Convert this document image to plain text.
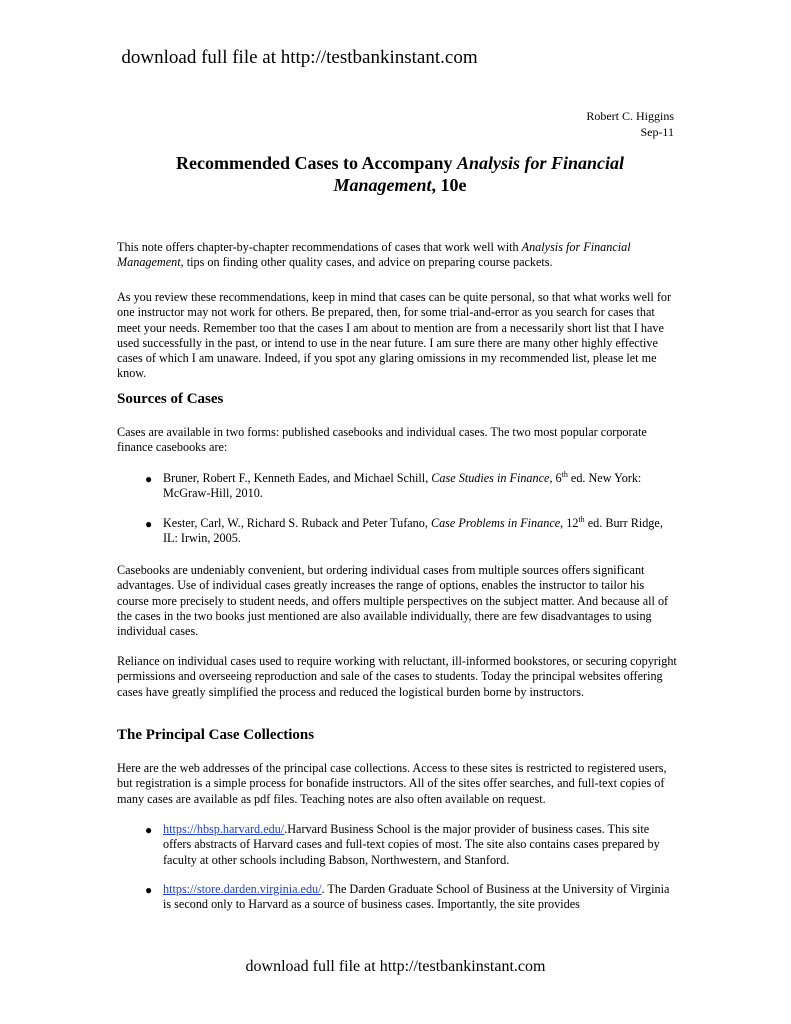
download full file at http://testbankinstant.com
Robert C. Higgins
Sep-11
Recommended Cases to Accompany Analysis for Financial Management, 10e

This note offers chapter-by-chapter recommendations of cases that work well with Analysis for Financial Management, tips on finding other quality cases, and advice on preparing course packets.

As you review these recommendations, keep in mind that cases can be quite personal, so that what works well for one instructor may not work for others. Be prepared, then, for some trial-and-error as you search for cases that meet your needs. Remember too that the cases I am about to mention are from a necessarily short list that I have used successfully in the past, or intend to use in the near future. I am sure there are many other highly effective cases of which I am unaware. Indeed, if you spot any glaring omissions in my recommended list, please let me know.

Sources of Cases

Cases are available in two forms: published casebooks and individual cases. The two most popular corporate finance casebooks are:

● Bruner, Robert F., Kenneth Eades, and Michael Schill, Case Studies in Finance, 6th ed. New York: McGraw-Hill, 2010.

● Kester, Carl, W., Richard S. Ruback and Peter Tufano, Case Problems in Finance, 12th ed. Burr Ridge, IL: Irwin, 2005.

Casebooks are undeniably convenient, but ordering individual cases from multiple sources offers significant advantages. Use of individual cases greatly increases the range of options, enables the instructor to tailor his course more precisely to student needs, and offers multiple perspectives on the subject matter. And because all of the cases in the two books just mentioned are also available individually, there are few disadvantages to using individual cases.

Reliance on individual cases used to require working with reluctant, ill-informed bookstores, or securing copyright permissions and overseeing reproduction and sale of the cases to students. Today the principal websites offering cases have greatly simplified the process and reduced the logistical burden borne by instructors.

The Principal Case Collections

Here are the web addresses of the principal case collections. Access to these sites is restricted to registered users, but registration is a simple process for bonafide instructors. All of the sites offer searches, and full-text copies of many cases are available as pdf files. Teaching notes are also often available on request.

● https://hbsp.harvard.edu/.Harvard Business School is the major provider of business cases. This site offers abstracts of Harvard cases and full-text copies of most. The site also contains cases prepared by faculty at other schools including Babson, Northwestern, and Stanford.

● https://store.darden.virginia.edu/. The Darden Graduate School of Business at the University of Virginia is second only to Harvard as a source of business cases. Importantly, the site provides

download full file at http://testbankinstant.com
